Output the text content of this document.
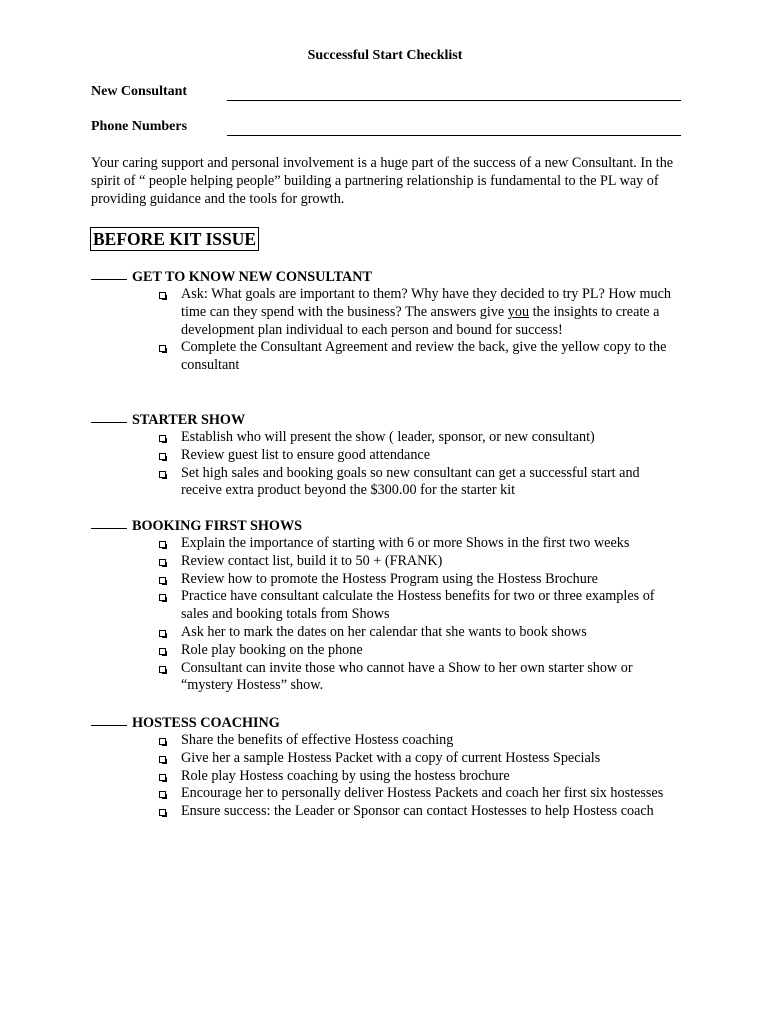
Successful Start Checklist
New Consultant
Phone Numbers
Your caring support and personal involvement is a huge part of the success of a new Consultant. In the spirit of “ people helping people” building a partnering relationship is fundamental to the PL way of providing guidance and the tools for growth.
BEFORE KIT ISSUE
GET TO KNOW NEW CONSULTANT
Ask: What goals are important to them? Why have they decided to try PL? How much time can they spend with the business? The answers give you the insights to create a development plan individual to each person and bound for success!
Complete the Consultant Agreement and review the back, give the yellow copy to the consultant
STARTER SHOW
Establish who will present the show ( leader, sponsor, or new consultant)
Review guest list to ensure good attendance
Set high sales and booking goals so new consultant can get a successful start and receive extra product beyond the $300.00 for the starter kit
BOOKING FIRST SHOWS
Explain the importance of starting with 6 or more Shows in the first two weeks
Review contact list, build it to 50 + (FRANK)
Review how to promote the Hostess Program using the Hostess Brochure
Practice have consultant calculate the Hostess benefits for two or three examples of sales and booking totals from Shows
Ask her to mark the dates on her calendar that she wants to book shows
Role play booking on the phone
Consultant can invite those who cannot have a Show to her own starter show or “mystery Hostess” show.
HOSTESS COACHING
Share the benefits of effective Hostess coaching
Give her a sample Hostess Packet with a copy of current Hostess Specials
Role play Hostess coaching by using the hostess brochure
Encourage her to personally deliver Hostess Packets and coach her first six hostesses
Ensure success: the Leader or Sponsor can contact Hostesses to help Hostess coach
